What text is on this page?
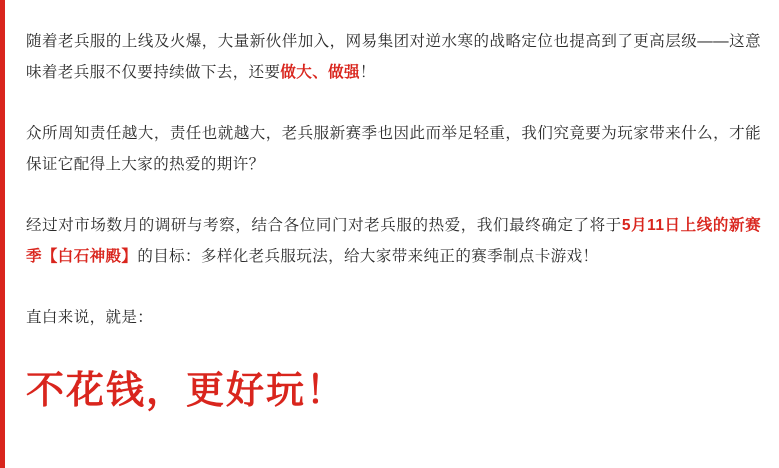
随着老兵服的上线及火爆，大量新伙伴加入，网易集团对逆水寒的战略定位也提高到了更高层级——这意味着老兵服不仅要持续做下去，还要做大、做强！

众所周知责任越大，责任也就越大，老兵服新赛季也因此而举足轻重，我们究竟要为玩家带来什么，才能保证它配得上大家的热爱的期许？

经过对市场数月的调研与考察，结合各位同门对老兵服的热爱，我们最终确定了将于5月11日上线的新赛季【白石神殿】的目标：多样化老兵服玩法，给大家带来纯正的赛季制点卡游戏！

直白来说，就是：

不花钱，更好玩！
